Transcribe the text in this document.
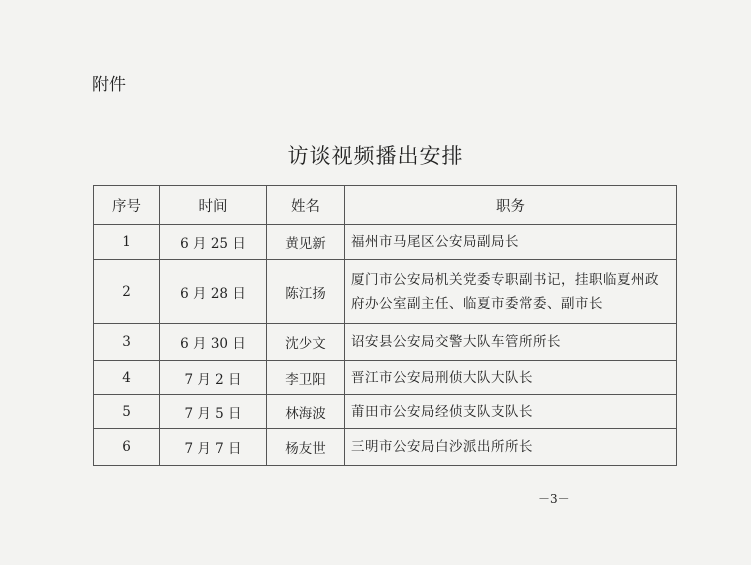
附件
访谈视频播出安排
序号	时间	姓名	职务
1	6 月 25 日	黄见新	福州市马尾区公安局副局长
2	6 月 28 日	陈江扬	厦门市公安局机关党委专职副书记，挂职临夏州政府办公室副主任、临夏市委常委、副市长
3	6 月 30 日	沈少文	诏安县公安局交警大队车管所所长
4	7 月 2 日	李卫阳	晋江市公安局刑侦大队大队长
5	7 月 5 日	林海波	莆田市公安局经侦支队支队长
6	7 月 7 日	杨友世	三明市公安局白沙派出所所长
－3－
